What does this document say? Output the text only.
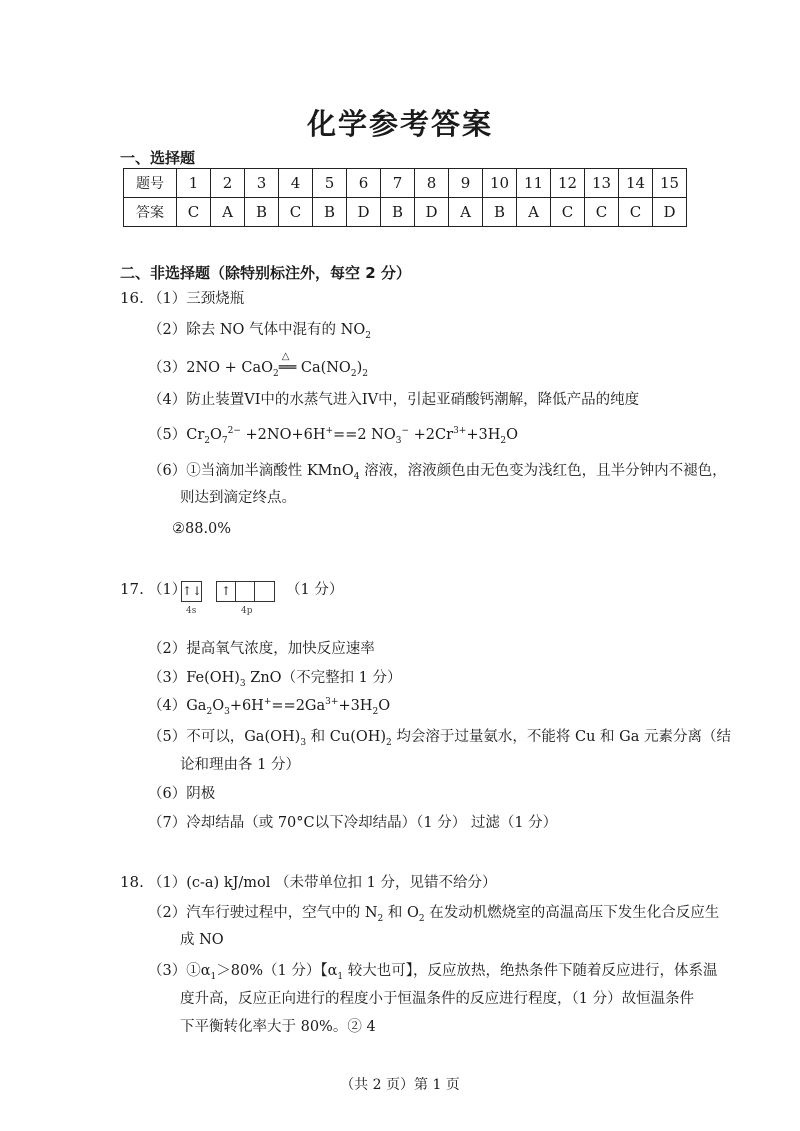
化学参考答案
一、选择题
题号	1	2	3	4	5	6	7	8	9	10	11	12	13	14	15
答案	C	A	B	C	B	D	B	D	A	B	A	C	C	C	D
二、非选择题（除特别标注外，每空 2 分）
16. （1）三颈烧瓶
（2）除去 NO 气体中混有的 $NO_2$
（3）2NO + CaO$_2$
△
══ $Ca(NO_2)_2$
（4）防止装置VI中的水蒸气进入IV中，引起亚硝酸钙潮解，降低产品的纯度
$(5)Cr_2O_7^{2-} +2NO+6H^+==2$ $NO_3^- +2Cr^{3+}+3H_2O$
（6）①当滴加半滴酸性 KMnO$_4$ 溶液，溶液颜色由无色变为浅红色，且半分钟内不褪色，
则达到滴定终点。
②88.0%
17. （1）
↑↓
4s
↑
4p
（1 分）
（2）提高氧气浓度，加快反应速率
$(3)Fe(OH)_3$ ZnO（不完整扣 1 分）
$(4)Ga_2O_3+6H^+==2Ga^{3+}+3H_2O$
（5）不可以，$Ga(OH)_3$ 和 $Cu(OH)_2$ 均会溶于过量氨水，不能将 Cu 和 Ga 元素分离（结
论和理由各 1 分）
（6）阴极
（7）冷却结晶（或 70°C以下冷却结晶）（1 分） 过滤（1 分）
18. （1）(c-a) kJ/mol （未带单位扣 1 分，见错不给分）
（2）汽车行驶过程中，空气中的 $N_2$ 和 $O_2$ 在发动机燃烧室的高温高压下发生化合反应生
成 NO
$(3)①\alpha_1>80\%(1$ 分）【$\alpha_1$ 较大也可】，反应放热，绝热条件下随着反应进行，体系温
度升高，反应正向进行的程度小于恒温条件的反应进行程度，（1 分）故恒温条件
下平衡转化率大于 80%。② 4
（共 2 页）第 1 页
